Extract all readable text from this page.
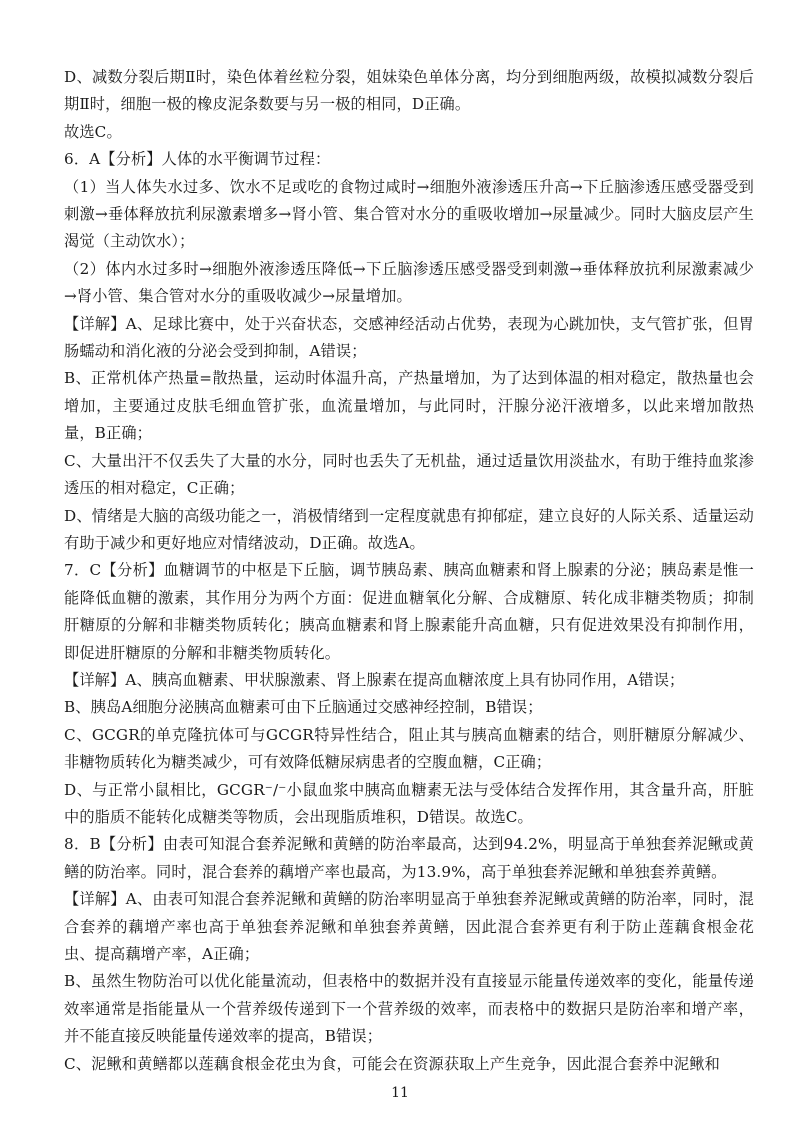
D、减数分裂后期Ⅱ时，染色体着丝粒分裂，姐妹染色单体分离，均分到细胞两级，故模拟减数分裂后期Ⅱ时，细胞一极的橡皮泥条数要与另一极的相同，D正确。

故选C。

6．A【分析】人体的水平衡调节过程：

（1）当人体失水过多、饮水不足或吃的食物过咸时→细胞外液渗透压升高→下丘脑渗透压感受器受到刺激→垂体释放抗利尿激素增多→肾小管、集合管对水分的重吸收增加→尿量减少。同时大脑皮层产生渴觉（主动饮水）；

（2）体内水过多时→细胞外液渗透压降低→下丘脑渗透压感受器受到刺激→垂体释放抗利尿激素减少→肾小管、集合管对水分的重吸收减少→尿量增加。

【详解】A、足球比赛中，处于兴奋状态，交感神经活动占优势，表现为心跳加快，支气管扩张，但胃肠蠕动和消化液的分泌会受到抑制，A错误；

B、正常机体产热量=散热量，运动时体温升高，产热量增加，为了达到体温的相对稳定，散热量也会增加，主要通过皮肤毛细血管扩张，血流量增加，与此同时，汗腺分泌汗液增多，以此来增加散热量，B正确；

C、大量出汗不仅丢失了大量的水分，同时也丢失了无机盐，通过适量饮用淡盐水，有助于维持血浆渗透压的相对稳定，C正确；

D、情绪是大脑的高级功能之一，消极情绪到一定程度就患有抑郁症，建立良好的人际关系、适量运动有助于减少和更好地应对情绪波动，D正确。故选A。

7．C【分析】血糖调节的中枢是下丘脑，调节胰岛素、胰高血糖素和肾上腺素的分泌；胰岛素是惟一能降低血糖的激素，其作用分为两个方面：促进血糖氧化分解、合成糖原、转化成非糖类物质；抑制肝糖原的分解和非糖类物质转化；胰高血糖素和肾上腺素能升高血糖，只有促进效果没有抑制作用，即促进肝糖原的分解和非糖类物质转化。

【详解】A、胰高血糖素、甲状腺激素、肾上腺素在提高血糖浓度上具有协同作用，A错误；

B、胰岛A细胞分泌胰高血糖素可由下丘脑通过交感神经控制，B错误；

C、GCGR的单克隆抗体可与GCGR特异性结合，阻止其与胰高血糖素的结合，则肝糖原分解减少、非糖物质转化为糖类减少，可有效降低糖尿病患者的空腹血糖，C正确；

D、与正常小鼠相比，GCGR⁻/⁻小鼠血浆中胰高血糖素无法与受体结合发挥作用，其含量升高，肝脏中的脂质不能转化成糖类等物质，会出现脂质堆积，D错误。故选C。

8．B【分析】由表可知混合套养泥鳅和黄鳝的防治率最高，达到94.2%，明显高于单独套养泥鳅或黄鳝的防治率。同时，混合套养的藕增产率也最高，为13.9%，高于单独套养泥鳅和单独套养黄鳝。

【详解】A、由表可知混合套养泥鳅和黄鳝的防治率明显高于单独套养泥鳅或黄鳝的防治率，同时，混合套养的藕增产率也高于单独套养泥鳅和单独套养黄鳝，因此混合套养更有利于防止莲藕食根金花虫、提高藕增产率，A正确；

B、虽然生物防治可以优化能量流动，但表格中的数据并没有直接显示能量传递效率的变化，能量传递效率通常是指能量从一个营养级传递到下一个营养级的效率，而表格中的数据只是防治率和增产率，并不能直接反映能量传递效率的提高，B错误；

C、泥鳅和黄鳝都以莲藕食根金花虫为食，可能会在资源获取上产生竞争，因此混合套养中泥鳅和

11
